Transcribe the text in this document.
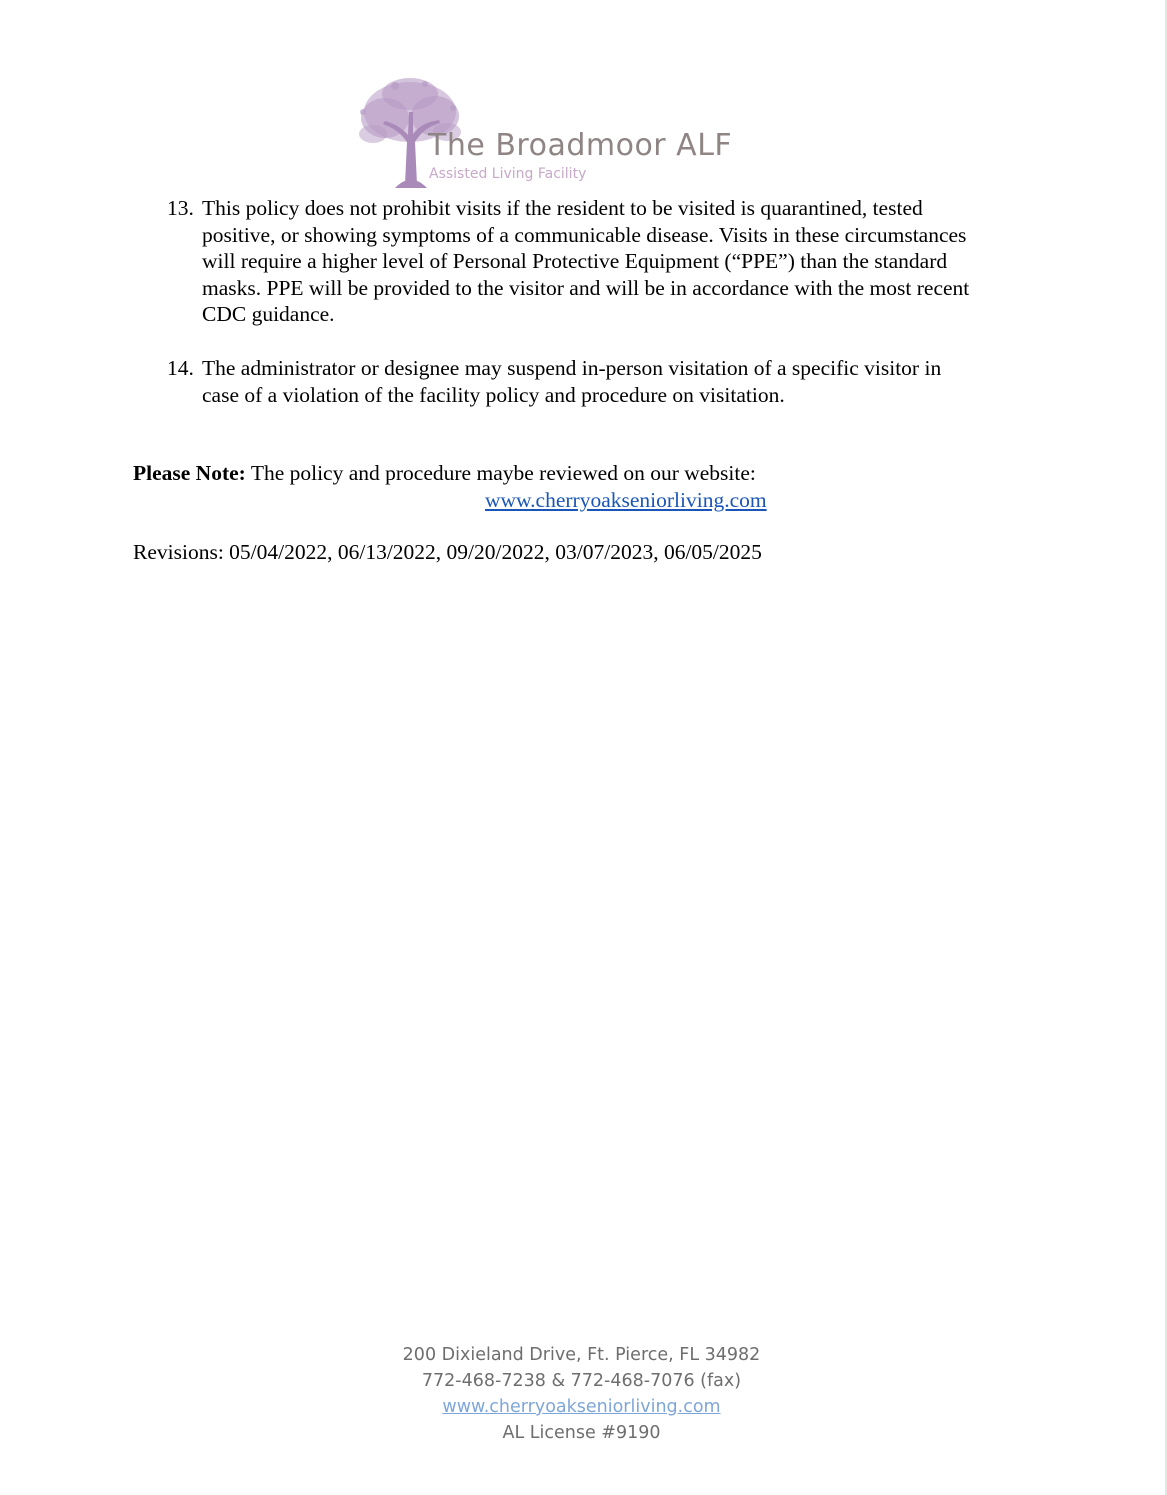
The Broadmoor ALF
Assisted Living Facility
13. This policy does not prohibit visits if the resident to be visited is quarantined, tested
positive, or showing symptoms of a communicable disease. Visits in these circumstances
will require a higher level of Personal Protective Equipment (“PPE”) than the standard
masks. PPE will be provided to the visitor and will be in accordance with the most recent
CDC guidance.
14. The administrator or designee may suspend in-person visitation of a specific visitor in
case of a violation of the facility policy and procedure on visitation.
Please Note: The policy and procedure maybe reviewed on our website:
www.cherryoakseniorliving.com
Revisions: 05/04/2022, 06/13/2022, 09/20/2022, 03/07/2023, 06/05/2025
200 Dixieland Drive, Ft. Pierce, FL 34982
772-468-7238 & 772-468-7076 (fax)
www.cherryoakseniorliving.com
AL License #9190
